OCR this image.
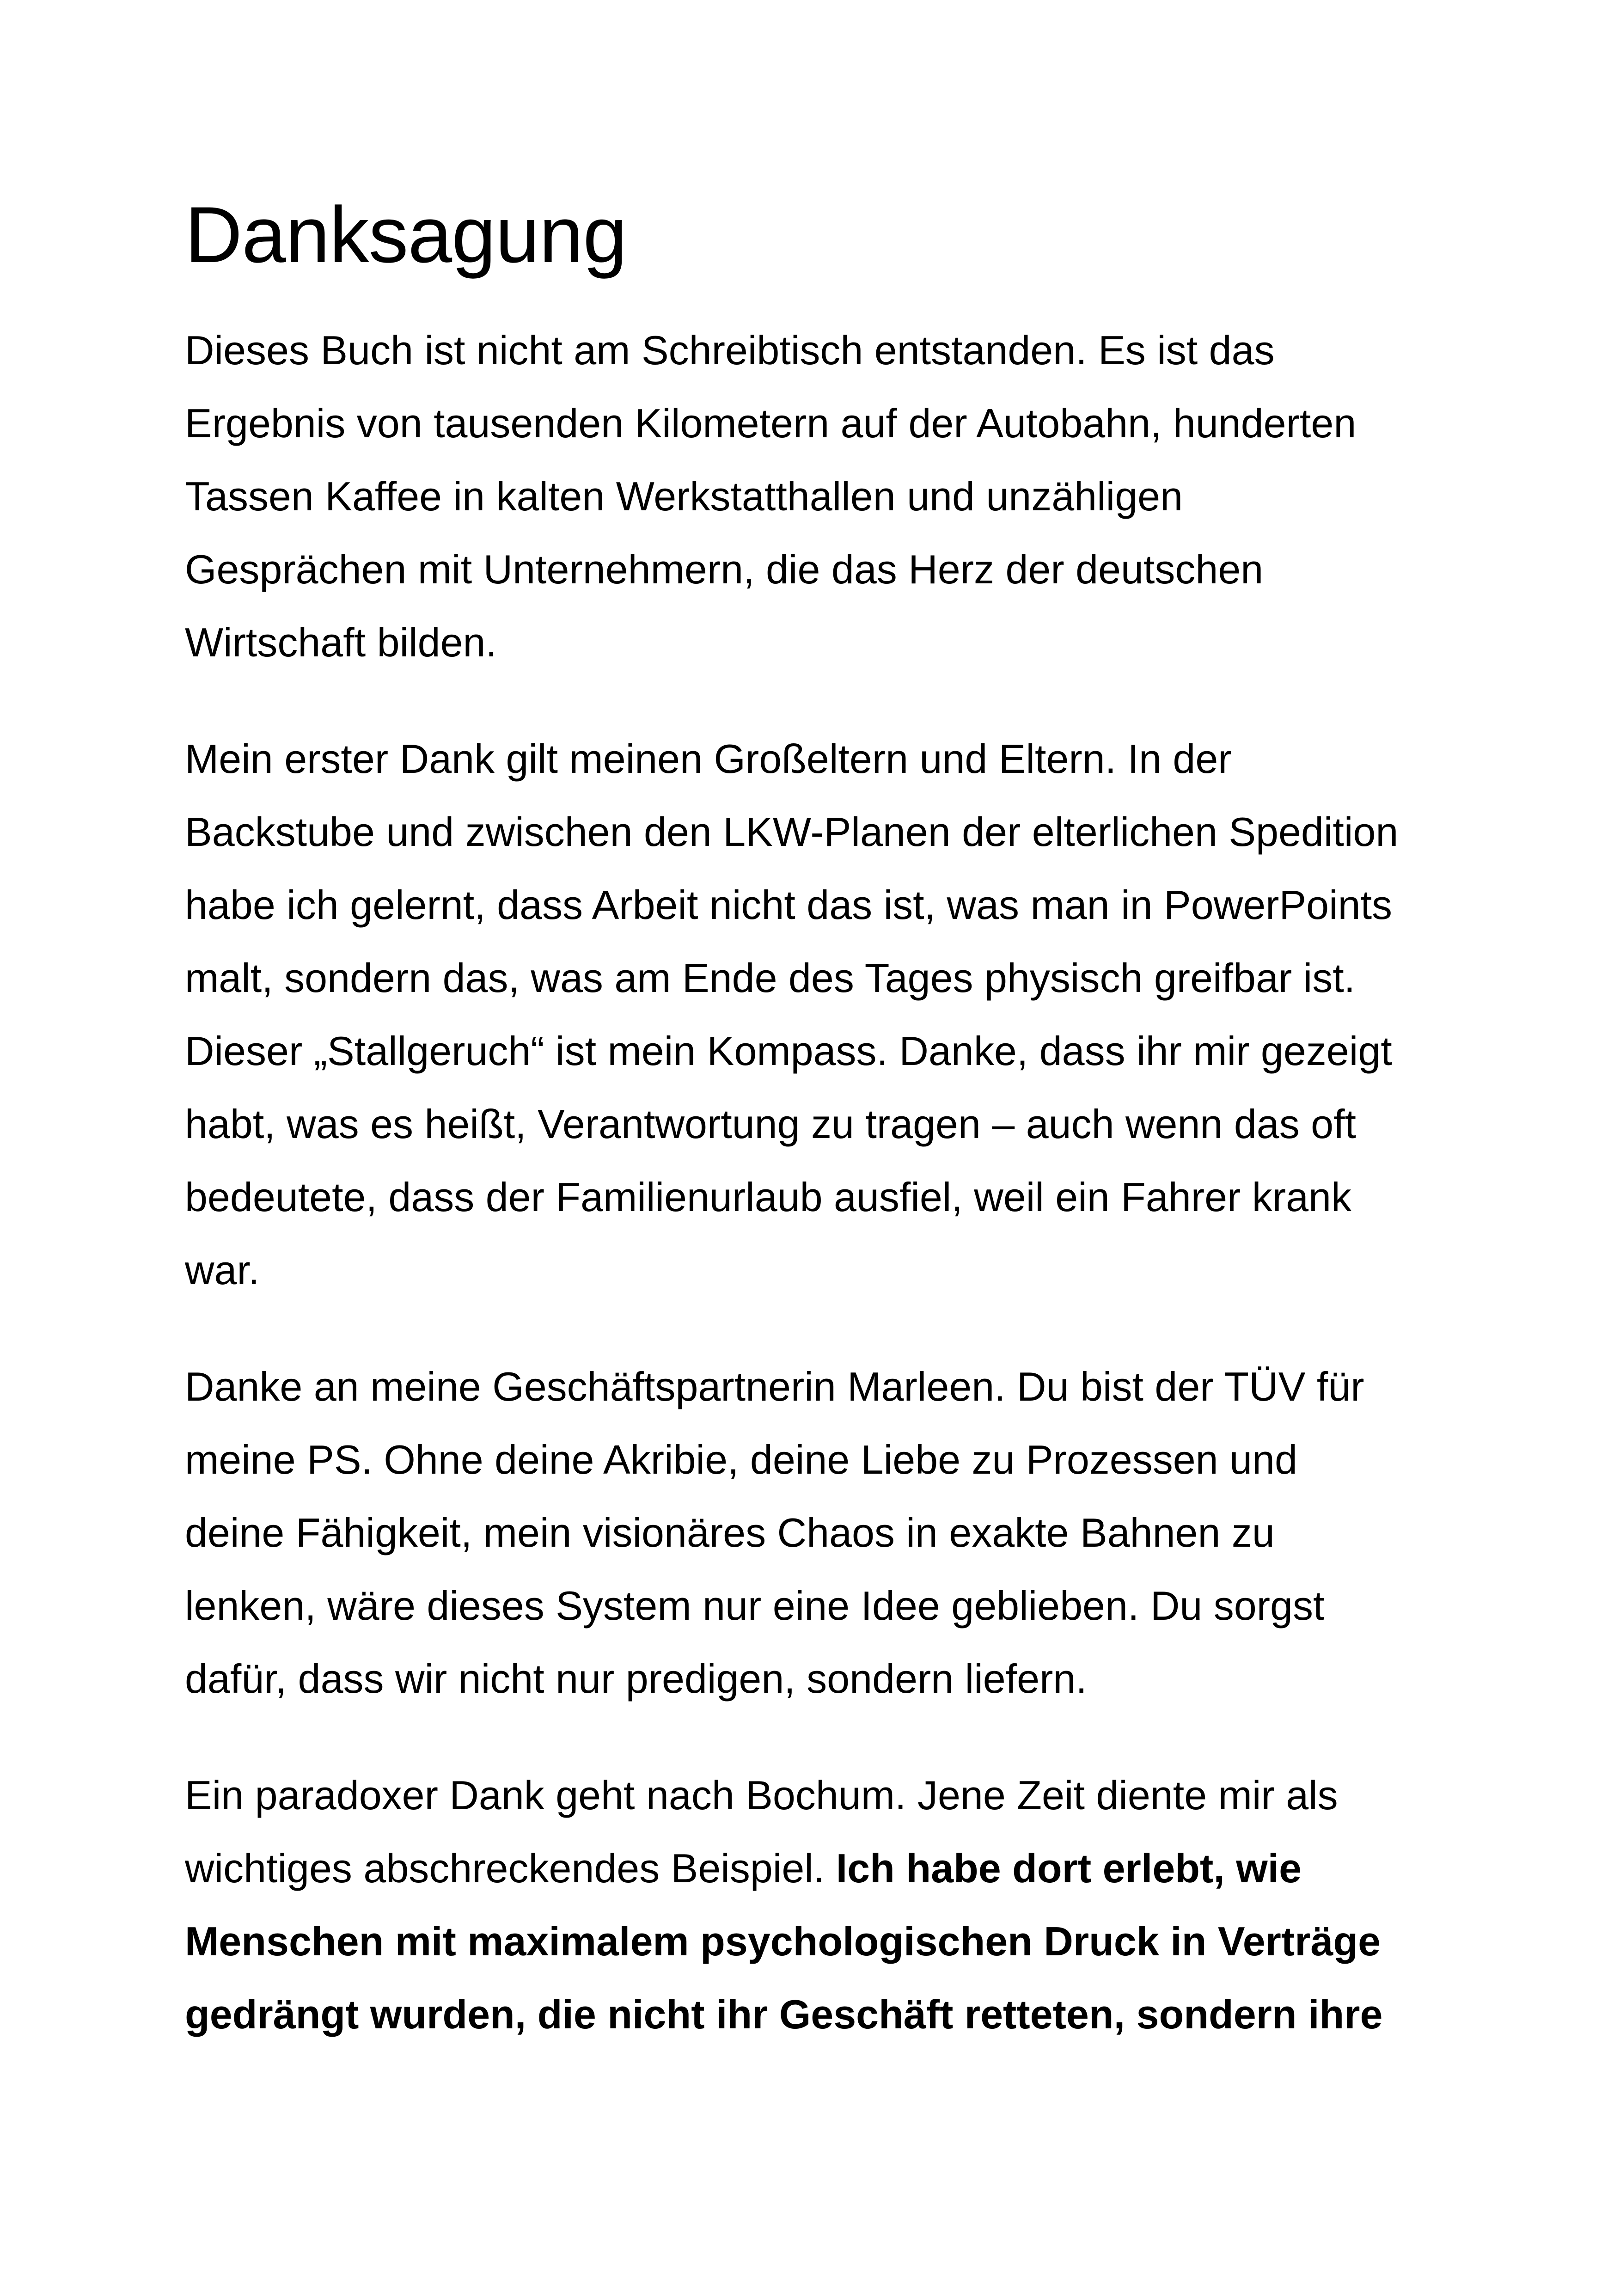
Danksagung

Dieses Buch ist nicht am Schreibtisch entstanden. Es ist das
Ergebnis von tausenden Kilometern auf der Autobahn, hunderten
Tassen Kaffee in kalten Werkstatthallen und unzähligen
Gesprächen mit Unternehmern, die das Herz der deutschen
Wirtschaft bilden.

Mein erster Dank gilt meinen Großeltern und Eltern. In der
Backstube und zwischen den LKW-Planen der elterlichen Spedition
habe ich gelernt, dass Arbeit nicht das ist, was man in PowerPoints
malt, sondern das, was am Ende des Tages physisch greifbar ist.
Dieser „Stallgeruch“ ist mein Kompass. Danke, dass ihr mir gezeigt
habt, was es heißt, Verantwortung zu tragen – auch wenn das oft
bedeutete, dass der Familienurlaub ausfiel, weil ein Fahrer krank
war.

Danke an meine Geschäftspartnerin Marleen. Du bist der TÜV für
meine PS. Ohne deine Akribie, deine Liebe zu Prozessen und
deine Fähigkeit, mein visionäres Chaos in exakte Bahnen zu
lenken, wäre dieses System nur eine Idee geblieben. Du sorgst
dafür, dass wir nicht nur predigen, sondern liefern.

Ein paradoxer Dank geht nach Bochum. Jene Zeit diente mir als
wichtiges abschreckendes Beispiel. Ich habe dort erlebt, wie
Menschen mit maximalem psychologischen Druck in Verträge
gedrängt wurden, die nicht ihr Geschäft retteten, sondern ihre
